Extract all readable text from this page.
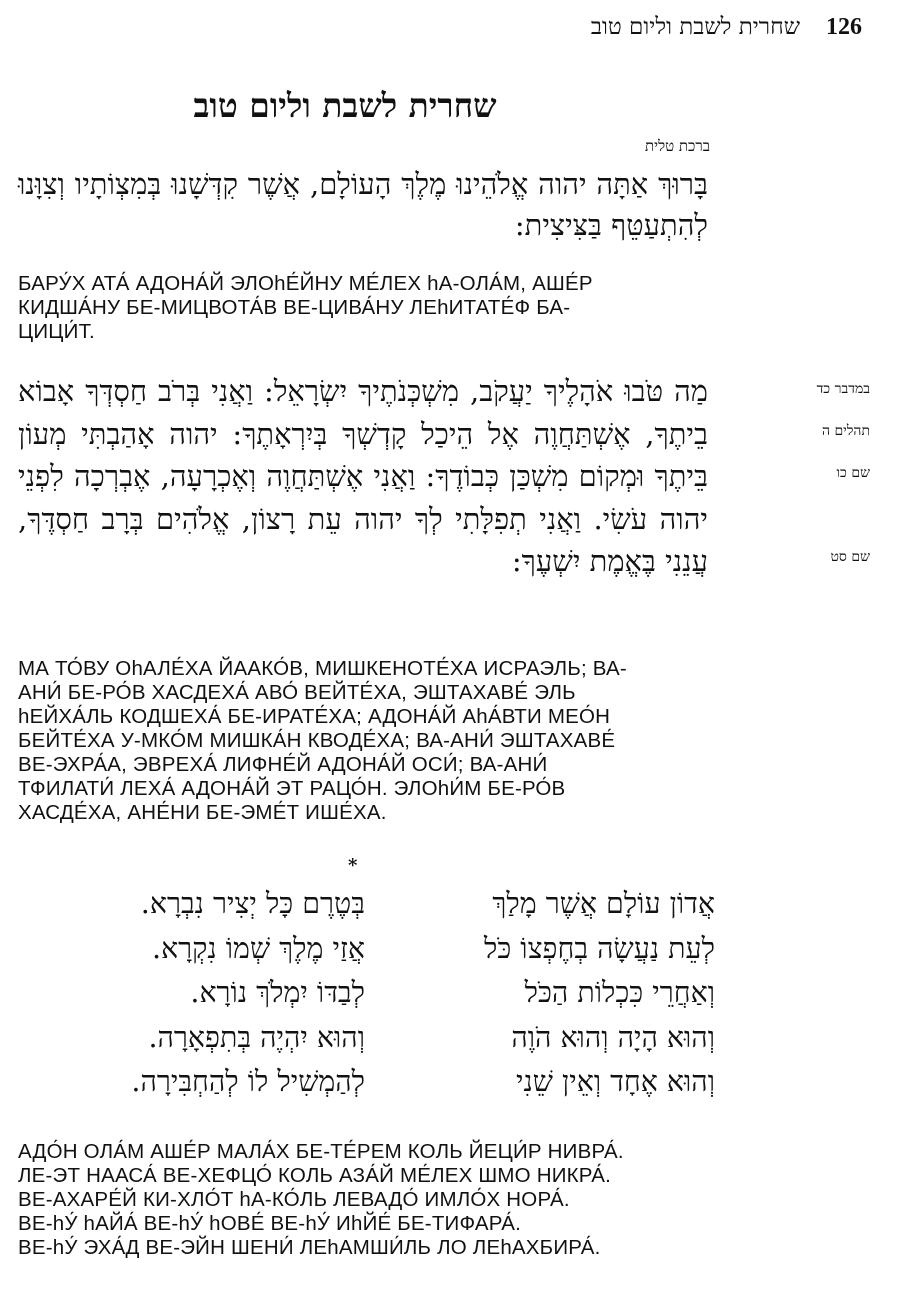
126
שחרית לשבת וליום טוב
שחרית לשבת וליום טוב
ברכת טלית
בָּרוּךְ אַתָּה יהוה אֱלֹהֵינוּ מֶלֶךְ הָעוֹלָם, אֲשֶׁר קִדְּשָׁנוּ בְּמִצְוֹתָיו וְצִוָּנוּ לְהִתְעַטֵּף בַּצִּיצִית:
БАРУ́Х АТА́ АДОНА́Й ЭЛОhЕ́ЙНУ МЕ́ЛЕХ hА-ОЛА́М, АШЕ́Р
КИДША́НУ БЕ-МИЦВОТА́В ВЕ-ЦИВА́НУ ЛЕhИТАТЕ́Ф БА-
ЦИЦИ́Т.
מַה טֹּבוּ אֹהָלֶיךָ יַעֲקֹב, מִשְׁכְּנֹתֶיךָ יִשְׂרָאֵל: וַאֲנִי בְּרֹב חַסְדְּךָ אָבוֹא בֵיתֶךָ, אֶשְׁתַּחֲוֶה אֶל הֵיכַל קָדְשְׁךָ בְּיִרְאָתֶךָ: יהוה אָהַבְתִּי מְעוֹן בֵּיתֶךָ וּמְקוֹם מִשְׁכַּן כְּבוֹדֶךָ: וַאֲנִי אֶשְׁתַּחֲוֶה וְאֶכְרָעָה, אֶבְרְכָה לִפְנֵי יהוה עֹשִׂי. וַאֲנִי תְפִלָּתִי לְךָ יהוה עֵת רָצוֹן, אֱלֹהִים בְּרָב חַסְדֶּךָ, עֲנֵנִי בֶּאֱמֶת יִשְׁעֶךָ:
במדבר כד
תהלים ה
שם כו
שם סט
МА ТО́ВУ ОhАЛЕ́ХА ЙААКО́В, МИШКЕНОТЕ́ХА ИСРАЭЛЬ; ВА-
АНИ́ БЕ-РО́В ХАСДЕХА́ АВО́ ВЕЙТЕ́ХА, ЭШТАХАВЕ́ ЭЛЬ
hЕЙХА́ЛЬ КОДШЕХА́ БЕ-ИРАТЕ́ХА; АДОНА́Й АhА́ВТИ МЕО́Н
БЕЙТЕ́ХА У-МКО́М МИШКА́Н КВОДЕ́ХА; ВА-АНИ́ ЭШТАХАВЕ́
ВЕ-ЭХРА́А, ЭВРЕХА́ ЛИФНЕ́Й АДОНА́Й ОСИ́; ВА-АНИ́
ТФИЛАТИ́ ЛЕХА́ АДОНА́Й ЭТ РАЦО́Н. ЭЛОhИ́М БЕ-РО́В
ХАСДЕ́ХА, АНЕ́НИ БЕ-ЭМЕ́Т ИШЕ́ХА.
*
אֲדוֹן עוֹלָם אֲשֶׁר מָלַךְ
לְעֵת נַעֲשָׂה בְחֶפְצוֹ כֹּל
וְאַחֲרֵי כִּכְלוֹת הַכֹּל
וְהוּא הָיָה וְהוּא הֹוֶה
וְהוּא אֶחָד וְאֵין שֵׁנִי
בְּטֶרֶם כָּל יְצִיר נִבְרָא.
אֲזַי מֶלֶךְ שְׁמוֹ נִקְרָא.
לְבַדּוֹ יִמְלֹךְ נוֹרָא.
וְהוּא יִהְיֶה בְּתִפְאָרָה.
לְהַמְשִׁיל לוֹ לְהַחְבִּירָה.
АДО́Н ОЛА́М АШЕ́Р МАЛА́Х БЕ-ТЕ́РЕМ КОЛЬ ЙЕЦИ́Р НИВРА́.
ЛЕ-ЭТ НААСА́ ВЕ-ХЕФЦО́ КОЛЬ АЗА́Й МЕ́ЛЕХ ШМО НИКРА́.
ВЕ-АХАРЕ́Й КИ-ХЛО́Т hА-КО́ЛЬ ЛЕВАДО́ ИМЛО́Х НОРА́.
ВЕ-hУ́ hАЙА́ ВЕ-hУ́ hОВЕ́ ВЕ-hУ́ ИhЙЕ́ БЕ-ТИФАРА́.
ВЕ-hУ́ ЭХА́Д ВЕ-ЭЙН ШЕНИ́ ЛЕhАМШИ́ЛЬ ЛО ЛЕhАХБИРА́.
